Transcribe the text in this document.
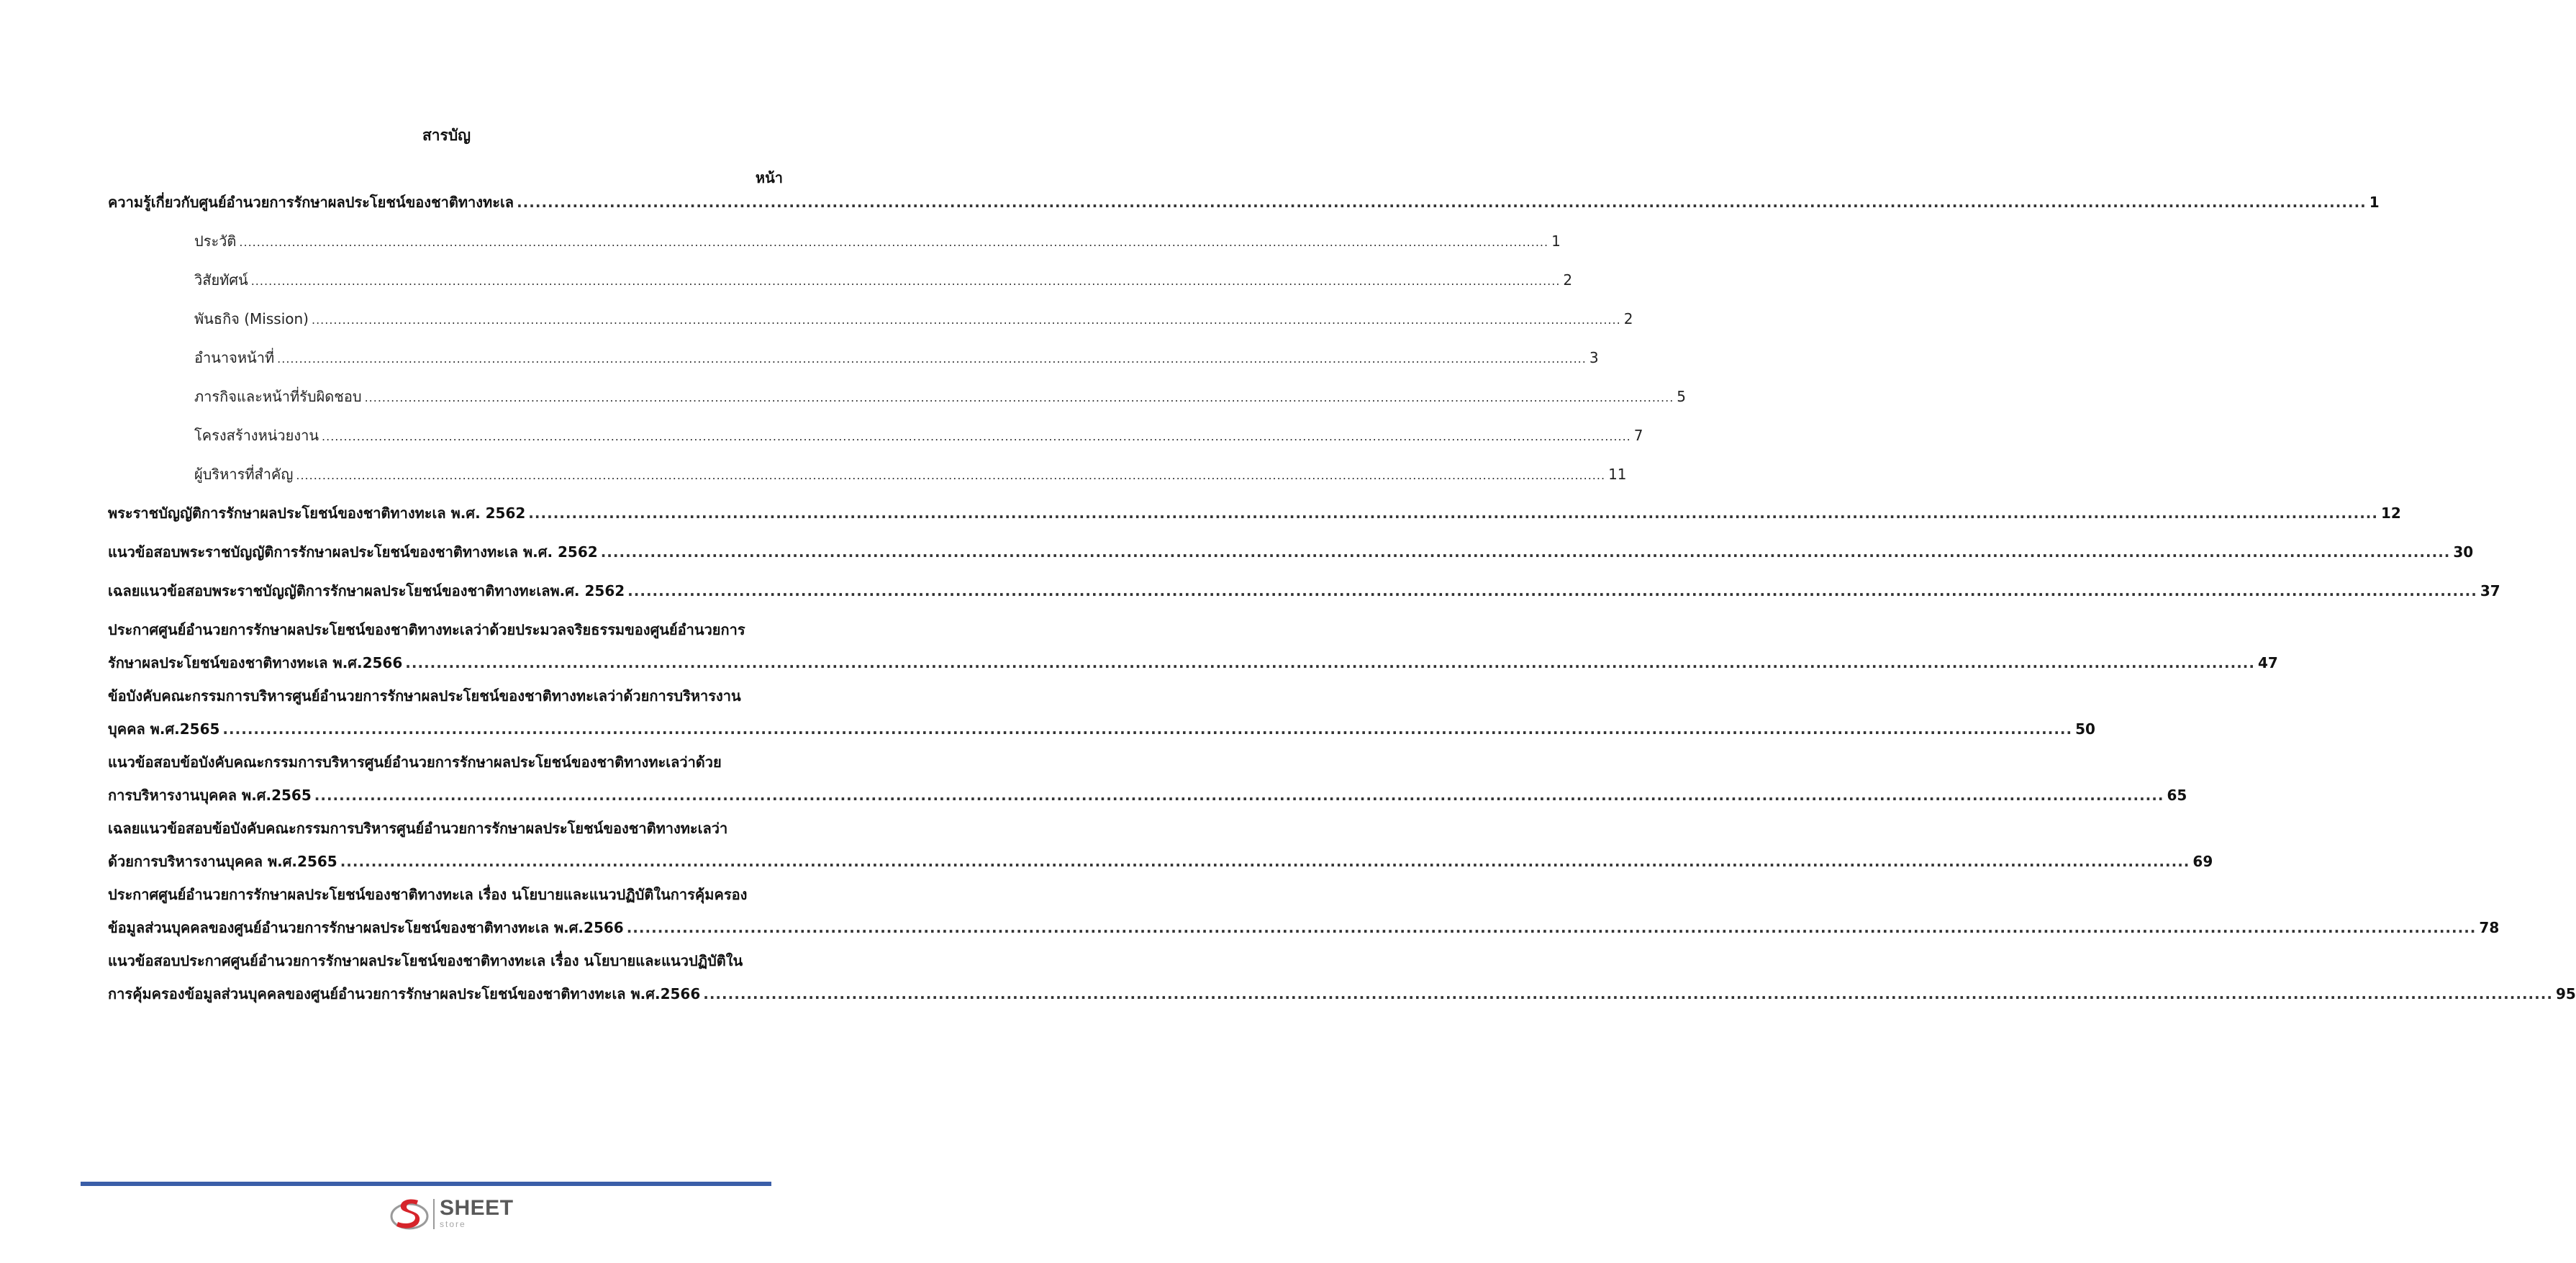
สารบัญ
หน้า
ความรู้เกี่ยวกับศูนย์อำนวยการรักษาผลประโยชน์ของชาติทางทะเล .....	1
ประวัติ .....	1
วิสัยทัศน์ .....	2
พันธกิจ (Mission) .....	2
อำนาจหน้าที่ .....	3
ภารกิจและหน้าที่รับผิดชอบ .....	5
โครงสร้างหน่วยงาน .....	7
ผู้บริหารที่สำคัญ .....	11
พระราชบัญญัติการรักษาผลประโยชน์ของชาติทางทะเล พ.ศ. 2562 .....	12
แนวข้อสอบพระราชบัญญัติการรักษาผลประโยชน์ของชาติทางทะเล พ.ศ. 2562 .....	30
เฉลยแนวข้อสอบพระราชบัญญัติการรักษาผลประโยชน์ของชาติทางทะเลพ.ศ. 2562 .....	37
ประกาศศูนย์อำนวยการรักษาผลประโยชน์ของชาติทางทะเลว่าด้วยประมวลจริยธรรมของศูนย์อำนวยการ
รักษาผลประโยชน์ของชาติทางทะเล พ.ศ.2566 .....	47
ข้อบังคับคณะกรรมการบริหารศูนย์อำนวยการรักษาผลประโยชน์ของชาติทางทะเลว่าด้วยการบริหารงาน
บุคคล พ.ศ.2565 .....	50
แนวข้อสอบข้อบังคับคณะกรรมการบริหารศูนย์อำนวยการรักษาผลประโยชน์ของชาติทางทะเลว่าด้วย
การบริหารงานบุคคล พ.ศ.2565 .....	65
เฉลยแนวข้อสอบข้อบังคับคณะกรรมการบริหารศูนย์อำนวยการรักษาผลประโยชน์ของชาติทางทะเลว่า
ด้วยการบริหารงานบุคคล พ.ศ.2565 .....	69
ประกาศศูนย์อำนวยการรักษาผลประโยชน์ของชาติทางทะเล เรื่อง นโยบายและแนวปฏิบัติในการคุ้มครอง
ข้อมูลส่วนบุคคลของศูนย์อำนวยการรักษาผลประโยชน์ของชาติทางทะเล พ.ศ.2566 .....	78
แนวข้อสอบประกาศศูนย์อำนวยการรักษาผลประโยชน์ของชาติทางทะเล เรื่อง นโยบายและแนวปฏิบัติใน
การคุ้มครองข้อมูลส่วนบุคคลของศูนย์อำนวยการรักษาผลประโยชน์ของชาติทางทะเล พ.ศ.2566 .....	95
SHEET
store
